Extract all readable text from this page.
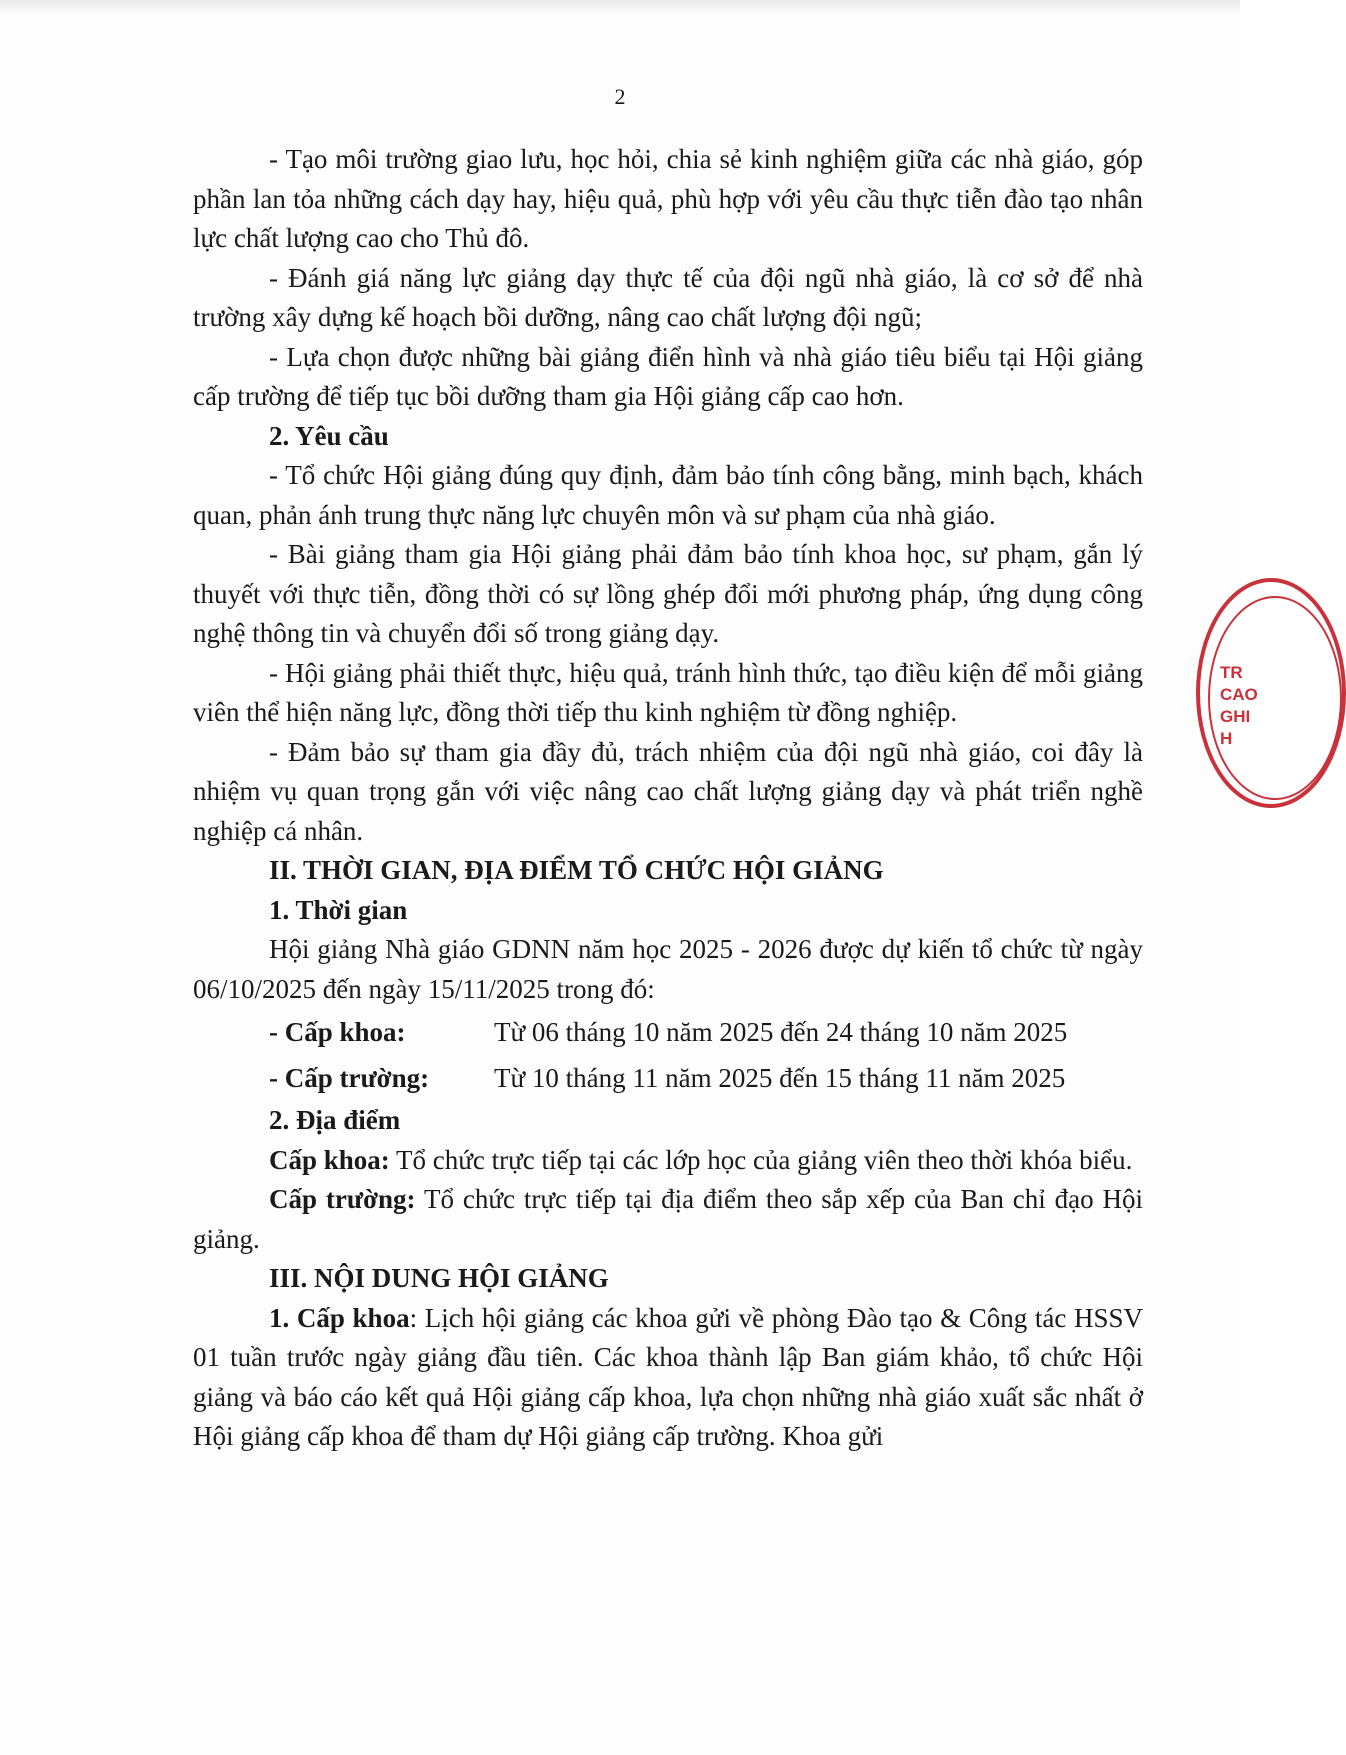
2

- Tạo môi trường giao lưu, học hỏi, chia sẻ kinh nghiệm giữa các nhà giáo, góp phần lan tỏa những cách dạy hay, hiệu quả, phù hợp với yêu cầu thực tiễn đào tạo nhân lực chất lượng cao cho Thủ đô.

- Đánh giá năng lực giảng dạy thực tế của đội ngũ nhà giáo, là cơ sở để nhà trường xây dựng kế hoạch bồi dưỡng, nâng cao chất lượng đội ngũ;

- Lựa chọn được những bài giảng điển hình và nhà giáo tiêu biểu tại Hội giảng cấp trường để tiếp tục bồi dưỡng tham gia Hội giảng cấp cao hơn.

2. Yêu cầu

- Tổ chức Hội giảng đúng quy định, đảm bảo tính công bằng, minh bạch, khách quan, phản ánh trung thực năng lực chuyên môn và sư phạm của nhà giáo.

- Bài giảng tham gia Hội giảng phải đảm bảo tính khoa học, sư phạm, gắn lý thuyết với thực tiễn, đồng thời có sự lồng ghép đổi mới phương pháp, ứng dụng công nghệ thông tin và chuyển đổi số trong giảng dạy.

- Hội giảng phải thiết thực, hiệu quả, tránh hình thức, tạo điều kiện để mỗi giảng viên thể hiện năng lực, đồng thời tiếp thu kinh nghiệm từ đồng nghiệp.

- Đảm bảo sự tham gia đầy đủ, trách nhiệm của đội ngũ nhà giáo, coi đây là nhiệm vụ quan trọng gắn với việc nâng cao chất lượng giảng dạy và phát triển nghề nghiệp cá nhân.

II. THỜI GIAN, ĐỊA ĐIỂM TỔ CHỨC HỘI GIẢNG

1. Thời gian

Hội giảng Nhà giáo GDNN năm học 2025 - 2026 được dự kiến tổ chức từ ngày 06/10/2025 đến ngày 15/11/2025 trong đó:

- Cấp khoa:	Từ 06 tháng 10 năm 2025 đến 24 tháng 10 năm 2025
- Cấp trường:	Từ 10 tháng 11 năm 2025 đến 15 tháng 11 năm 2025

2. Địa điểm

Cấp khoa: Tổ chức trực tiếp tại các lớp học của giảng viên theo thời khóa biểu.

Cấp trường: Tổ chức trực tiếp tại địa điểm theo sắp xếp của Ban chỉ đạo Hội giảng.

III. NỘI DUNG HỘI GIẢNG

1. Cấp khoa: Lịch hội giảng các khoa gửi về phòng Đào tạo & Công tác HSSV 01 tuần trước ngày giảng đầu tiên. Các khoa thành lập Ban giám khảo, tổ chức Hội giảng và báo cáo kết quả Hội giảng cấp khoa, lựa chọn những nhà giáo xuất sắc nhất ở Hội giảng cấp khoa để tham dự Hội giảng cấp trường. Khoa gửi

TR
CAO
GHI
H
